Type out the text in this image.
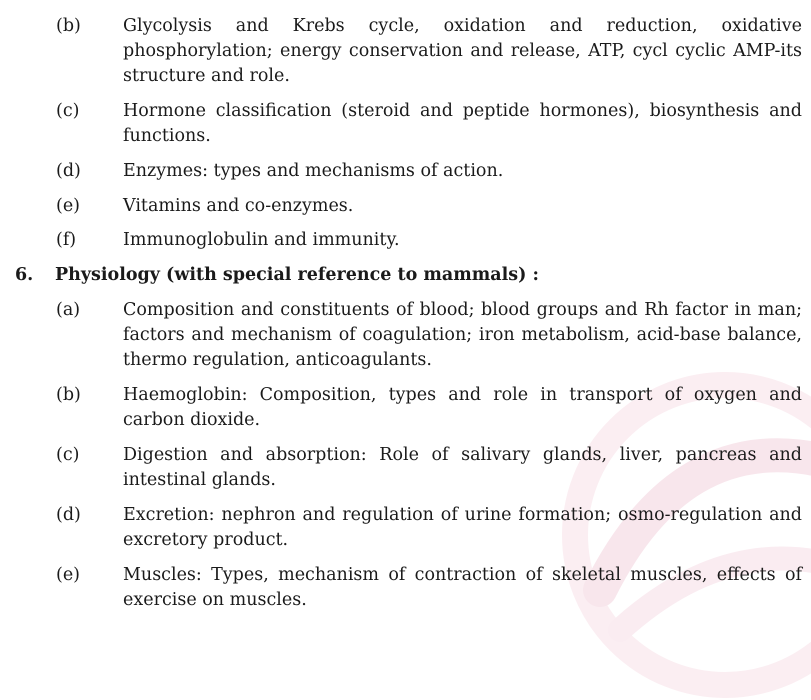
(b) Glycolysis and Krebs cycle, oxidation and reduction, oxidative phosphorylation; energy conservation and release, ATP, cycl cyclic AMP-its structure and role.
(c) Hormone classification (steroid and peptide hormones), biosynthesis and functions.
(d) Enzymes: types and mechanisms of action.
(e) Vitamins and co-enzymes.
(f)	Immunoglobulin and immunity.
6. Physiology (with special reference to mammals) :
(a) Composition and constituents of blood; blood groups and Rh factor in man; factors and mechanism of coagulation; iron metabolism, acid-base balance, thermo regulation, anticoagulants.
(b) Haemoglobin: Composition, types and role in transport of oxygen and carbon dioxide.
(c) Digestion and absorption: Role of salivary glands, liver, pancreas and intestinal glands.
(d) Excretion: nephron and regulation of urine formation; osmo-regulation and excretory product.
(e) Muscles: Types, mechanism of contraction of skeletal muscles, effects of exercise on muscles.
